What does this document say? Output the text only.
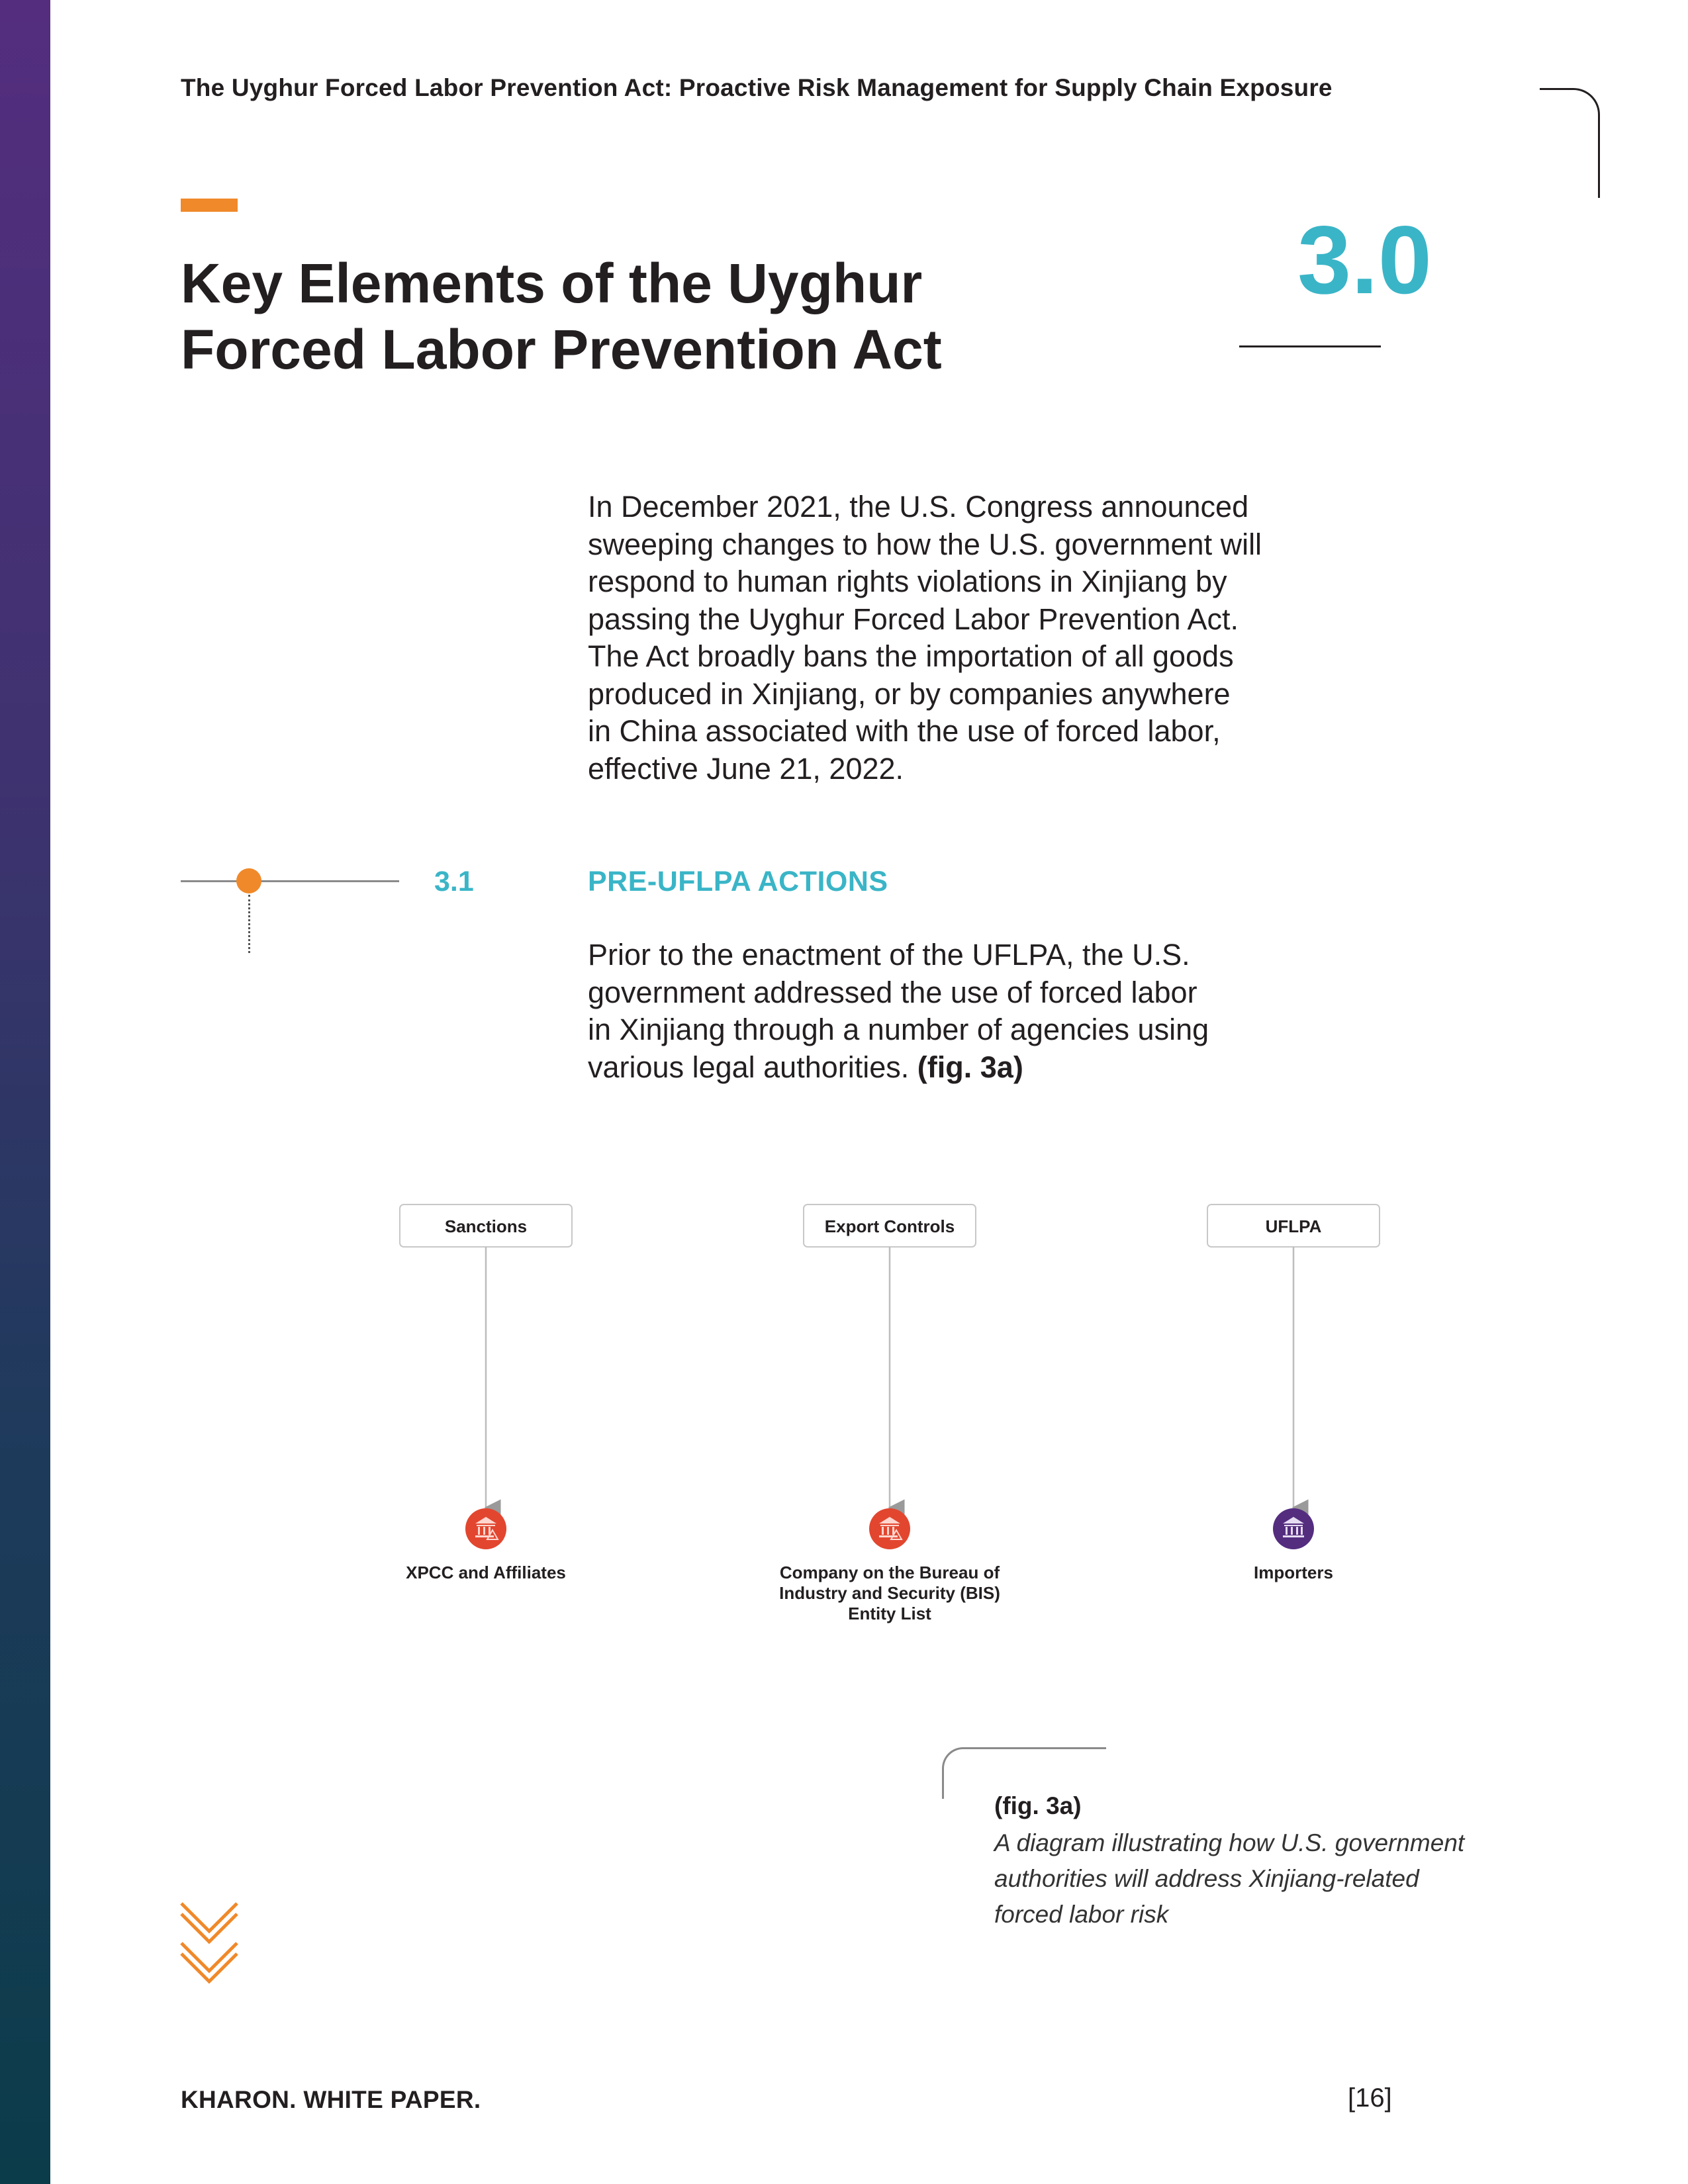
The Uyghur Forced Labor Prevention Act: Proactive Risk Management for Supply Chain Exposure
Key Elements of the Uyghur
Forced Labor Prevention Act
3.0

In December 2021, the U.S. Congress announced
sweeping changes to how the U.S. government will
respond to human rights violations in Xinjiang by
passing the Uyghur Forced Labor Prevention Act.
The Act broadly bans the importation of all goods
produced in Xinjiang, or by companies anywhere
in China associated with the use of forced labor,
effective June 21, 2022.

3.1	PRE-UFLPA ACTIONS

Prior to the enactment of the UFLPA, the U.S.
government addressed the use of forced labor
in Xinjiang through a number of agencies using
various legal authorities. (fig. 3a)

Sanctions
XPCC and Affiliates
Export Controls
Company on the Bureau of
Industry and Security (BIS)
Entity List
UFLPA
Importers
(fig. 3a)

A diagram illustrating how U.S. government
authorities will address Xinjiang-related
forced labor risk

KHARON. WHITE PAPER.	[16]
